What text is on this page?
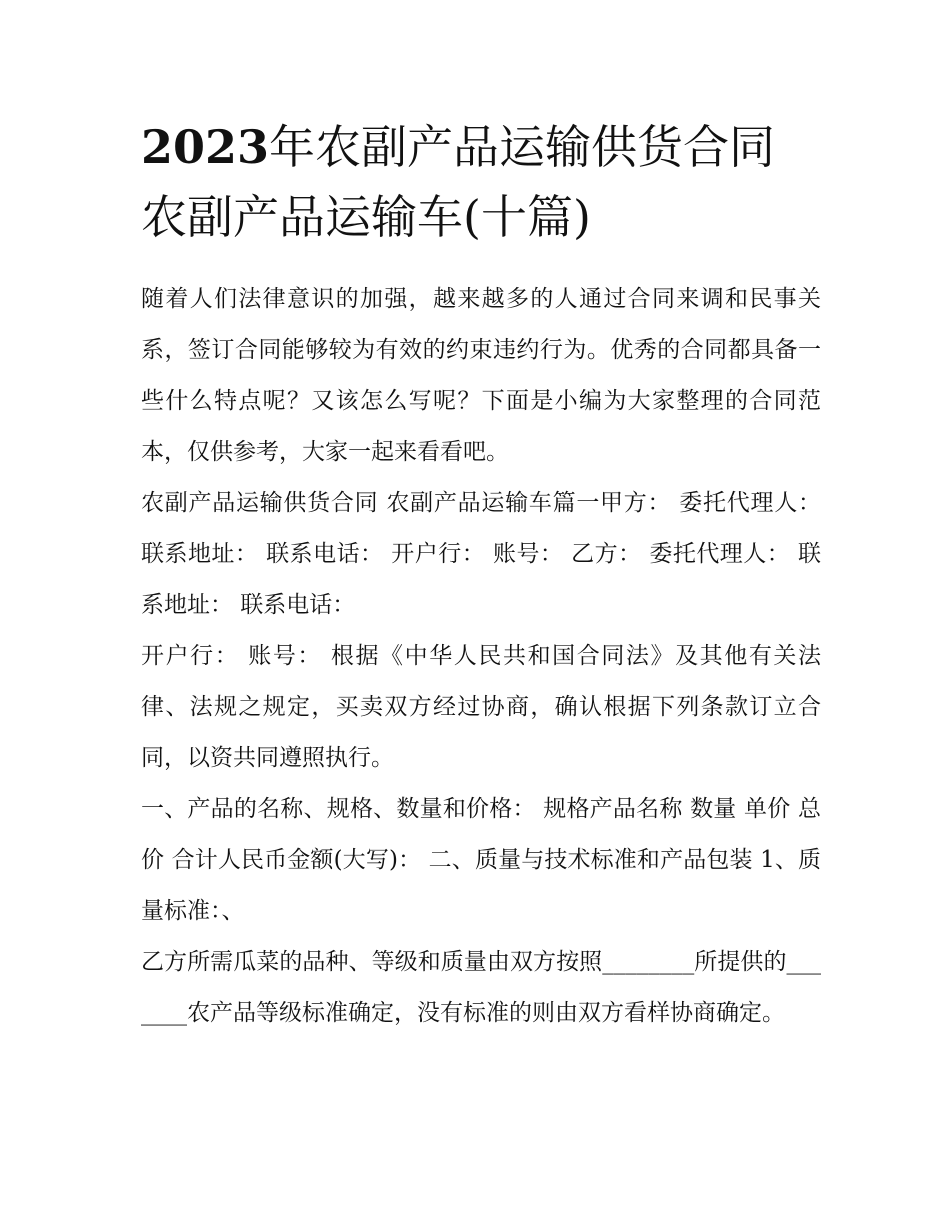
2023年农副产品运输供货合同 农副产品运输车(十篇)

随着人们法律意识的加强，越来越多的人通过合同来调和民事关系，签订合同能够较为有效的约束违约行为。优秀的合同都具备一些什么特点呢？又该怎么写呢？下面是小编为大家整理的合同范本，仅供参考，大家一起来看看吧。

农副产品运输供货合同 农副产品运输车篇一甲方： 委托代理人： 联系地址： 联系电话： 开户行： 账号： 乙方： 委托代理人： 联系地址： 联系电话：

开户行： 账号： 根据《中华人民共和国合同法》及其他有关法律、法规之规定，买卖双方经过协商，确认根据下列条款订立合同，以资共同遵照执行。

一、产品的名称、规格、数量和价格： 规格产品名称 数量 单价 总价 合计人民币金额(大写)： 二、质量与技术标准和产品包装 1、质量标准：、

乙方所需瓜菜的品种、等级和质量由双方按照________所提供的_______农产品等级标准确定，没有标准的则由双方看样协商确定。
